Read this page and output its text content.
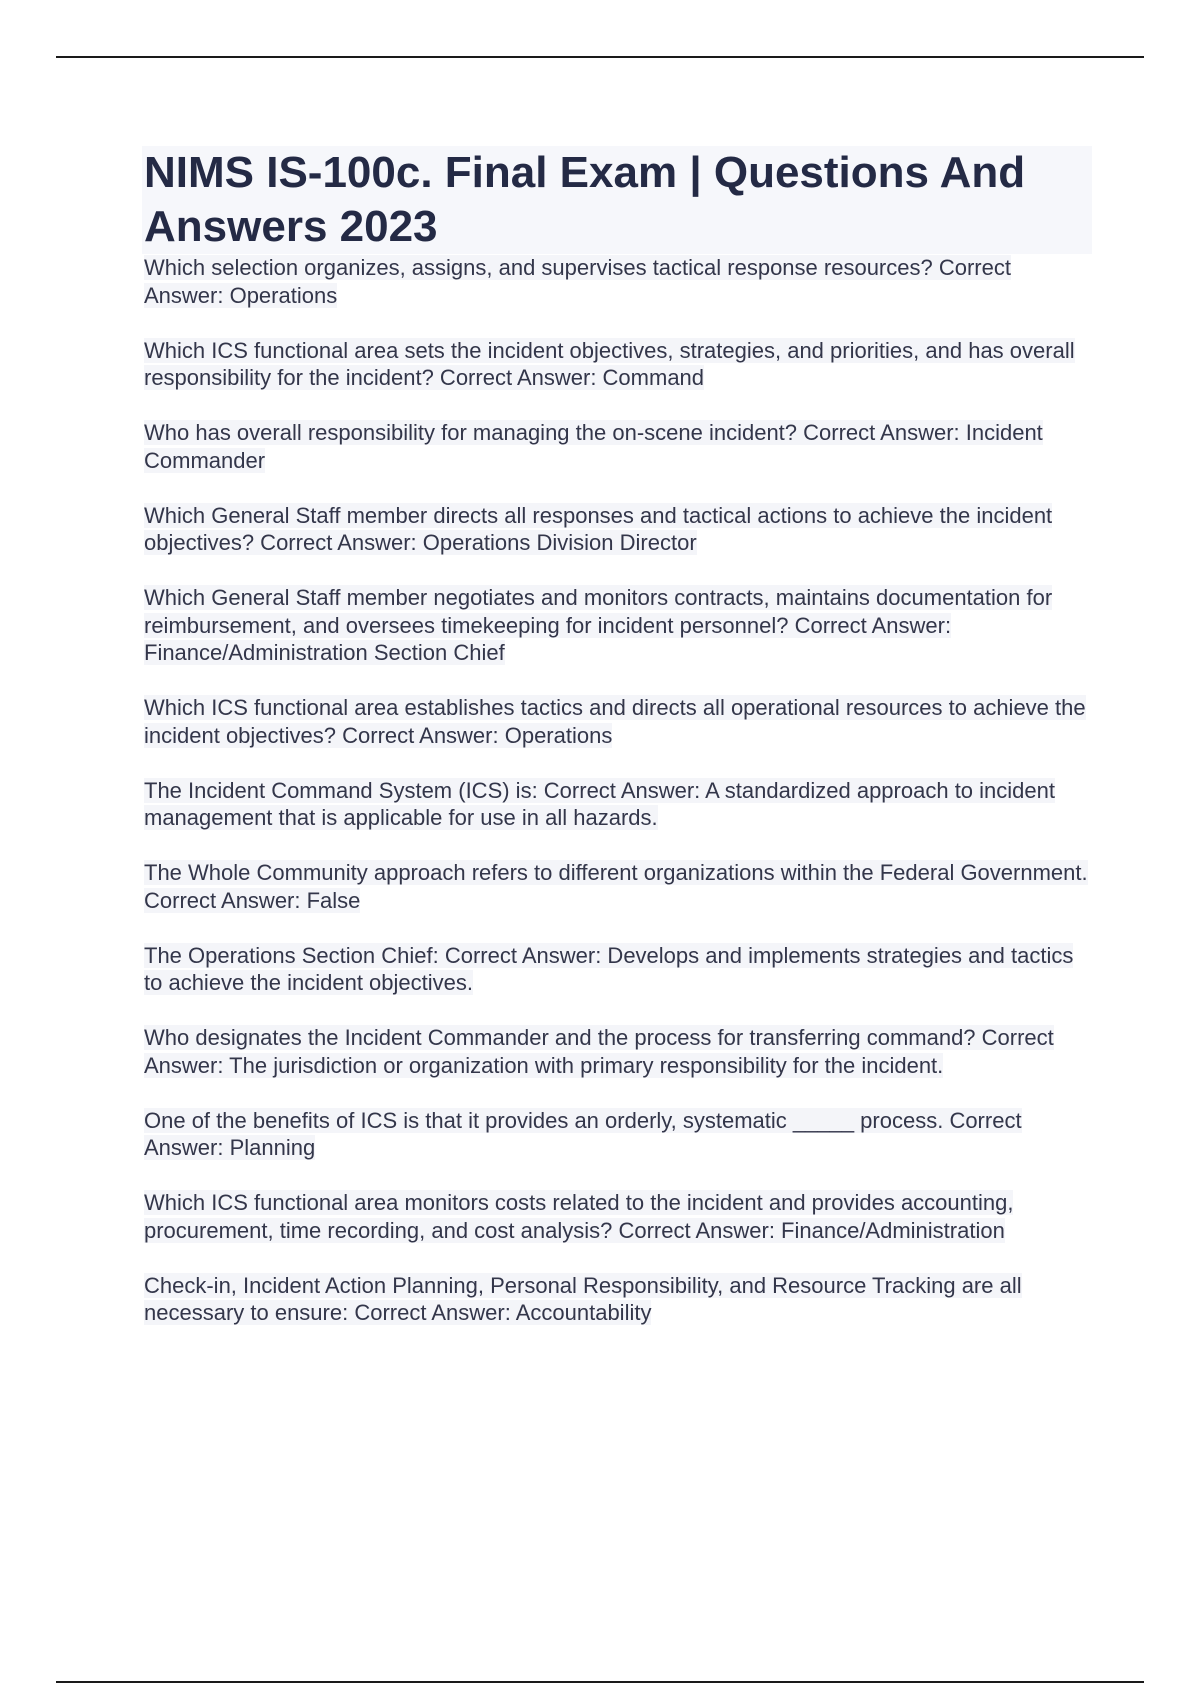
NIMS IS-100c. Final Exam | Questions And Answers 2023
Which selection organizes, assigns, and supervises tactical response resources? Correct Answer: Operations
Which ICS functional area sets the incident objectives, strategies, and priorities, and has overall responsibility for the incident? Correct Answer: Command
Who has overall responsibility for managing the on-scene incident? Correct Answer: Incident Commander
Which General Staff member directs all responses and tactical actions to achieve the incident objectives? Correct Answer: Operations Division Director
Which General Staff member negotiates and monitors contracts, maintains documentation for reimbursement, and oversees timekeeping for incident personnel? Correct Answer: Finance/Administration Section Chief
Which ICS functional area establishes tactics and directs all operational resources to achieve the incident objectives? Correct Answer: Operations
The Incident Command System (ICS) is: Correct Answer: A standardized approach to incident management that is applicable for use in all hazards.
The Whole Community approach refers to different organizations within the Federal Government. Correct Answer: False
The Operations Section Chief: Correct Answer: Develops and implements strategies and tactics to achieve the incident objectives.
Who designates the Incident Commander and the process for transferring command? Correct Answer: The jurisdiction or organization with primary responsibility for the incident.
One of the benefits of ICS is that it provides an orderly, systematic _____ process. Correct Answer: Planning
Which ICS functional area monitors costs related to the incident and provides accounting, procurement, time recording, and cost analysis? Correct Answer: Finance/Administration
Check-in, Incident Action Planning, Personal Responsibility, and Resource Tracking are all necessary to ensure: Correct Answer: Accountability
